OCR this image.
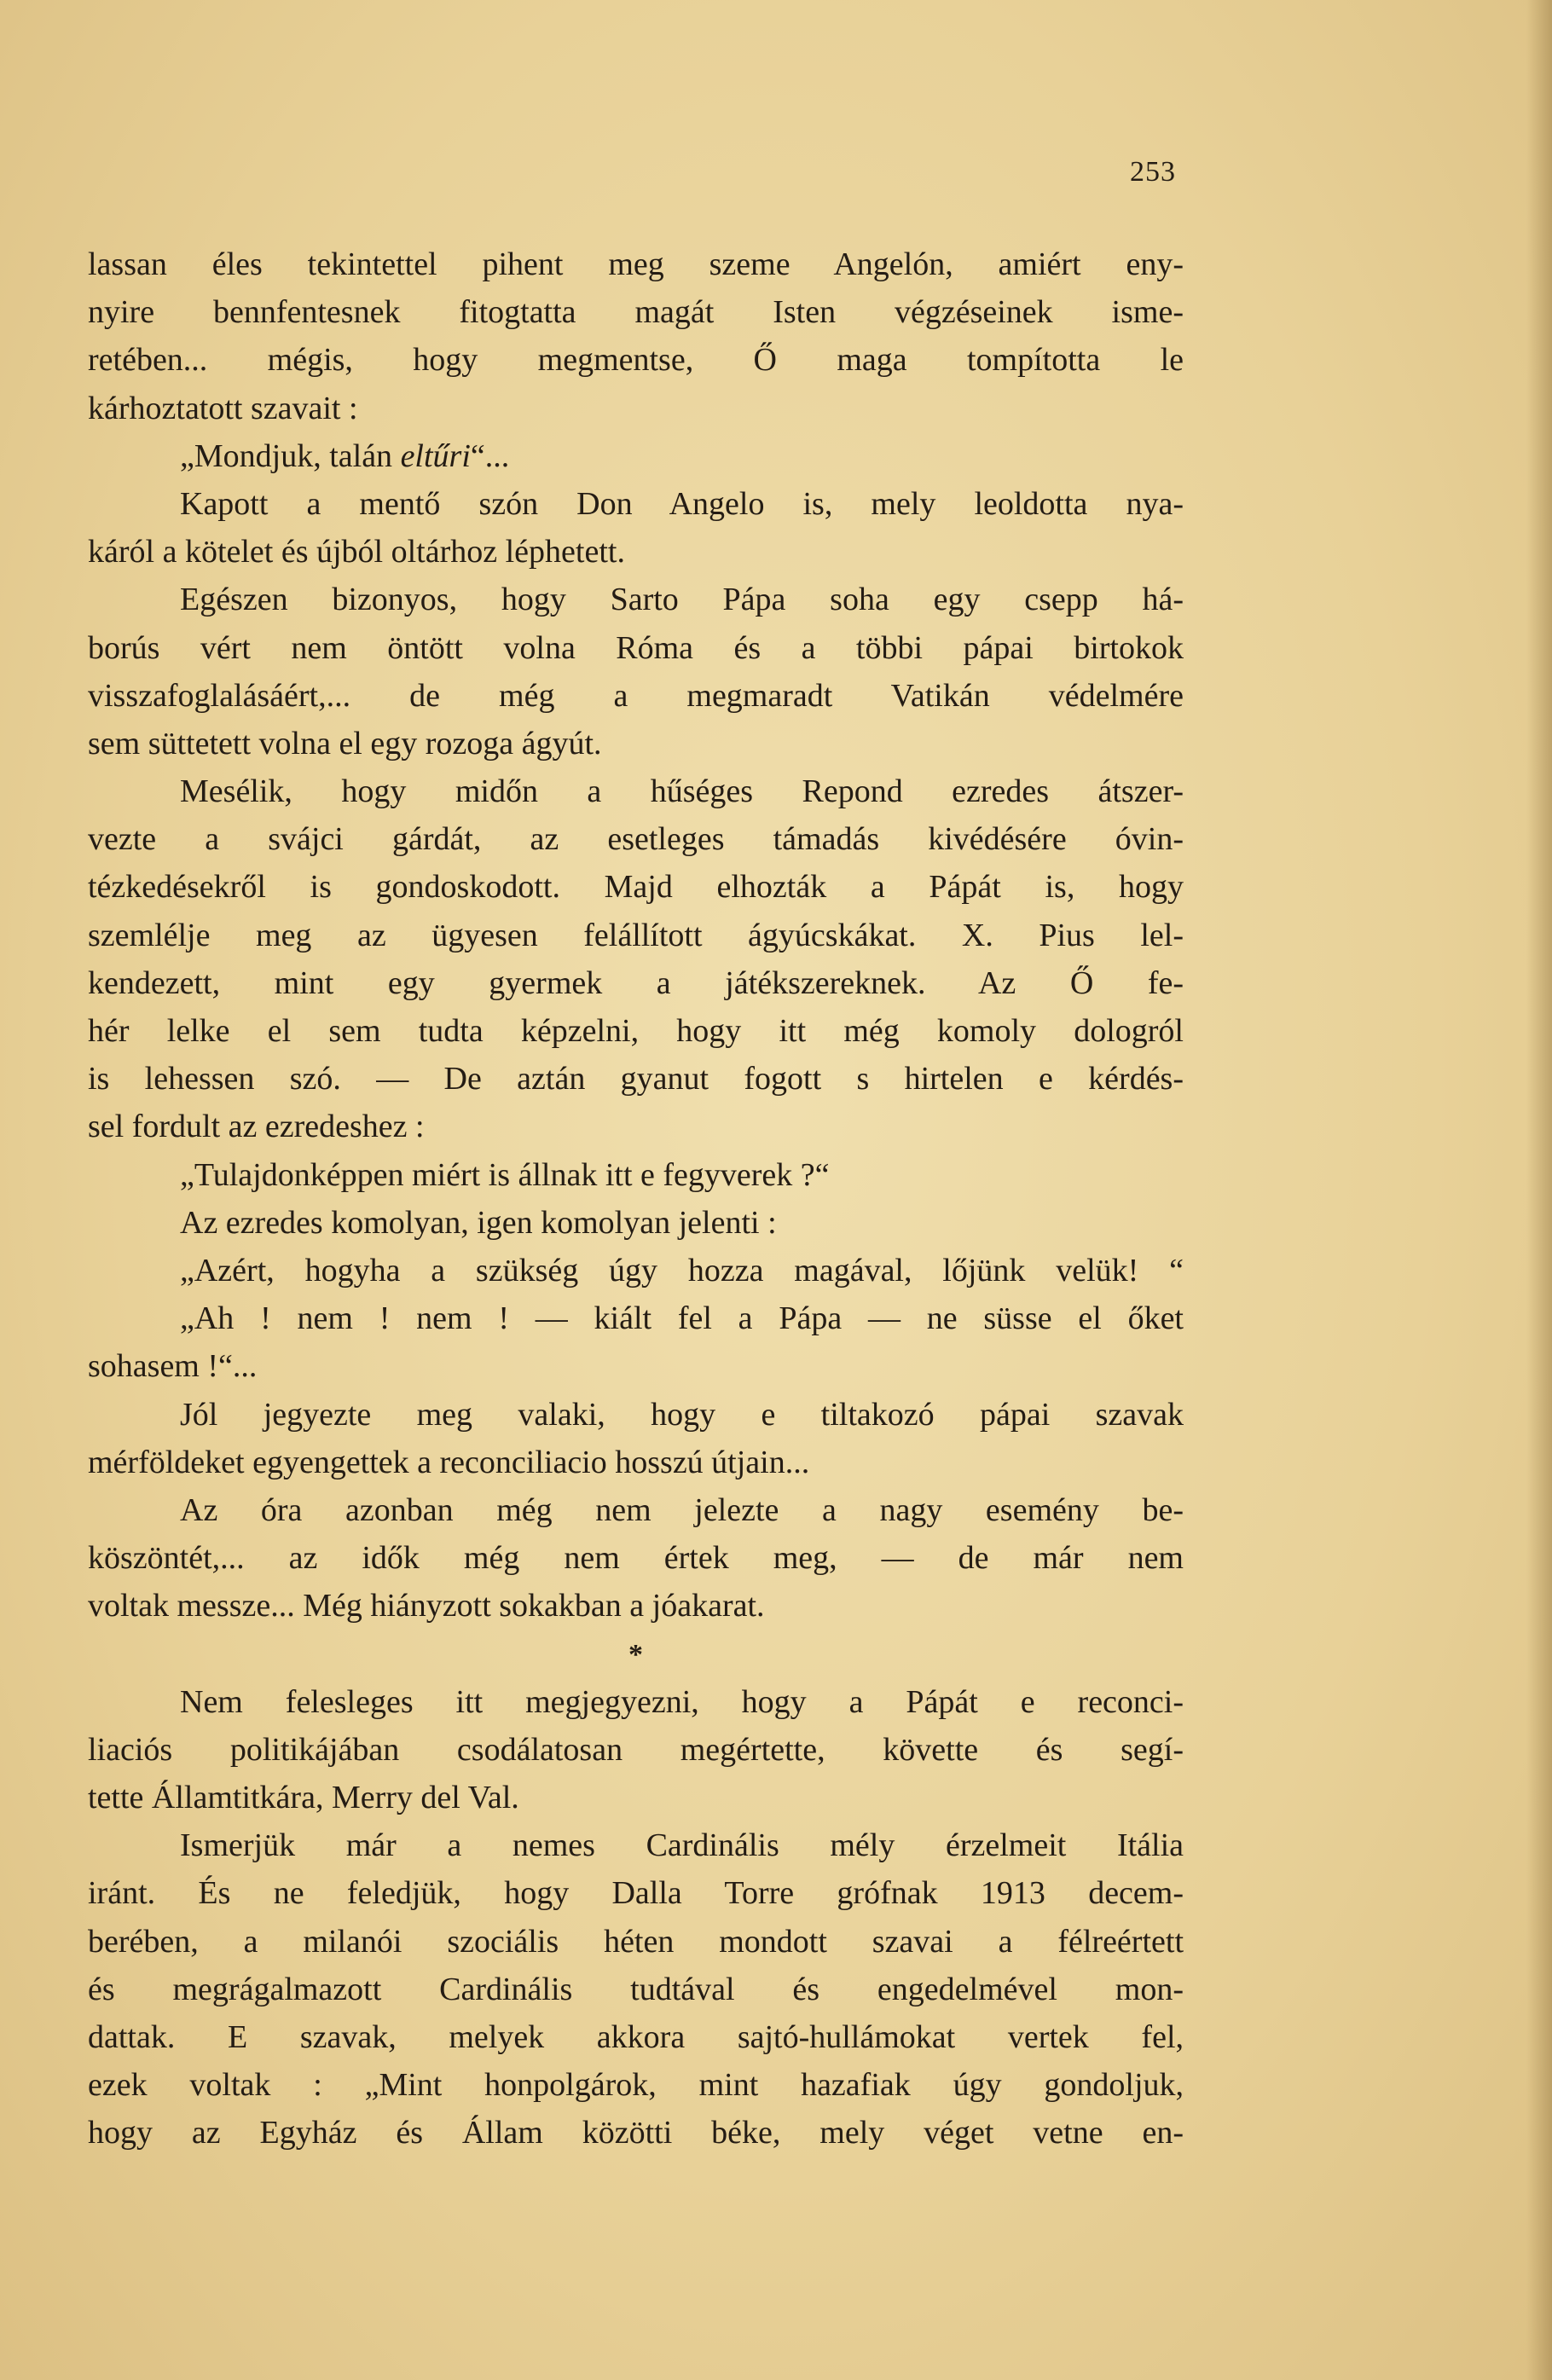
253
lassan éles tekintettel pihent meg szeme Angelón, amiért eny-
nyire bennfentesnek fitogtatta magát Isten végzéseinek isme-
retében... mégis, hogy megmentse, Ő maga tompította le
kárhoztatott szavait :
„Mondjuk, talán eltűri“...
Kapott a mentő szón Don Angelo is, mely leoldotta nya-
káról a kötelet és újból oltárhoz léphetett.
Egészen bizonyos, hogy Sarto Pápa soha egy csepp há-
borús vért nem öntött volna Róma és a többi pápai birtokok
visszafoglalásáért,... de még a megmaradt Vatikán védelmére
sem süttetett volna el egy rozoga ágyút.
Mesélik, hogy midőn a hűséges Repond ezredes átszer-
vezte a svájci gárdát, az esetleges támadás kivédésére óvin-
tézkedésekről is gondoskodott. Majd elhozták a Pápát is, hogy
szemlélje meg az ügyesen felállított ágyúcskákat. X. Pius lel-
kendezett, mint egy gyermek a játékszereknek. Az Ő fe-
hér lelke el sem tudta képzelni, hogy itt még komoly dologról
is lehessen szó. — De aztán gyanut fogott s hirtelen e kérdés-
sel fordult az ezredeshez :
„Tulajdonképpen miért is állnak itt e fegyverek ?“
Az ezredes komolyan, igen komolyan jelenti :
„Azért, hogyha a szükség úgy hozza magával, lőjünk velük! “
„Ah ! nem ! nem ! — kiált fel a Pápa — ne süsse el őket
sohasem !“...
Jól jegyezte meg valaki, hogy e tiltakozó pápai szavak
mérföldeket egyengettek a reconciliacio hosszú útjain...
Az óra azonban még nem jelezte a nagy esemény be-
köszöntét,... az idők még nem értek meg, — de már nem
voltak messze... Még hiányzott sokakban a jóakarat.
*
Nem felesleges itt megjegyezni, hogy a Pápát e reconci-
liaciós politikájában csodálatosan megértette, követte és segí-
tette Államtitkára, Merry del Val.
Ismerjük már a nemes Cardinális mély érzelmeit Itália
iránt. És ne feledjük, hogy Dalla Torre grófnak 1913 decem-
berében, a milanói szociális héten mondott szavai a félreértett
és megrágalmazott Cardinális tudtával és engedelmével mon-
dattak. E szavak, melyek akkora sajtó-hullámokat vertek fel,
ezek voltak : „Mint honpolgárok, mint hazafiak úgy gondoljuk,
hogy az Egyház és Állam közötti béke, mely véget vetne en-
